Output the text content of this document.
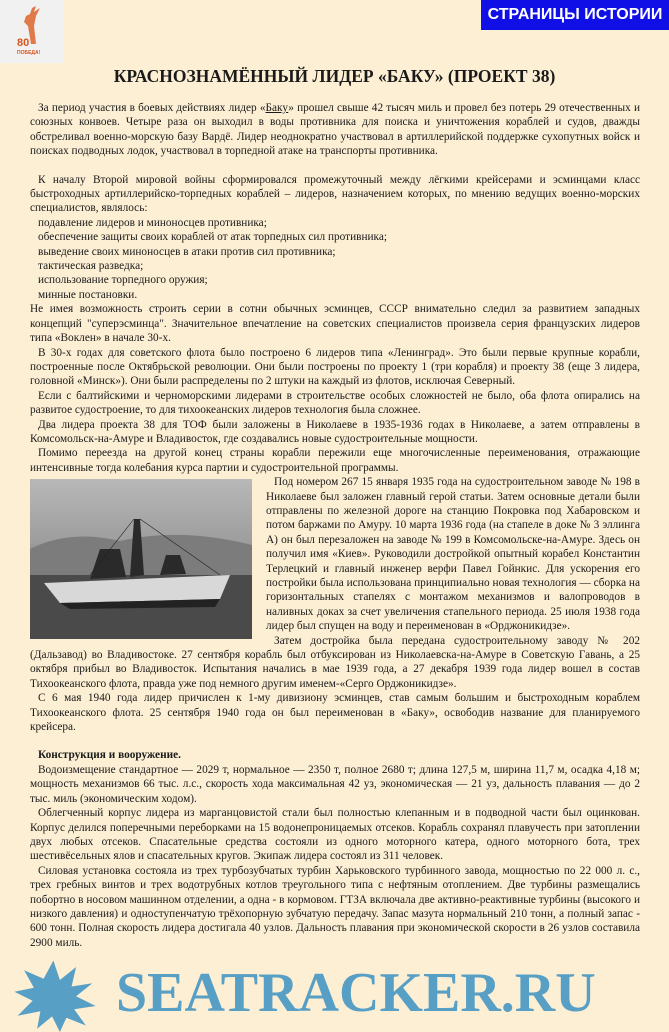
80
ПОБЕДА!
СТРАНИЦЫ ИСТОРИИ
КРАСНОЗНАМЁННЫЙ ЛИДЕР «БАКУ» (ПРОЕКТ 38)

За период участия в боевых действиях лидер «Баку» прошел свыше 42 тысяч миль и провел без потерь 29 отечественных и союзных конвоев. Четыре раза он выходил в воды противника для поиска и уничтожения кораблей и судов, дважды обстреливал военно-морскую базу Вардё. Лидер неоднократно участвовал в артиллерийской поддержке сухопутных войск и поисках подводных лодок, участвовал в торпедной атаке на транспорты противника.

К началу Второй мировой войны сформировался промежуточный между лёгкими крейсерами и эсминцами класс быстроходных артиллерийско-торпедных кораблей – лидеров, назначением которых, по мнению ведущих военно-морских специалистов, являлось:

подавление лидеров и миноносцев противника;

обеспечение защиты своих кораблей от атак торпедных сил противника;

выведение своих миноносцев в атаки против сил противника;

тактическая разведка;

использование торпедного оружия;

минные постановки.

Не имея возможность строить серии в сотни обычных эсминцев, СССР внимательно следил за развитием западных концепций "суперэсминца". Значительное впечатление на советских специалистов произвела серия французских лидеров типа «Воклен» в начале 30-х.

В 30-х годах для советского флота было построено 6 лидеров типа «Ленинград». Это были первые крупные корабли, построенные после Октябрьской революции. Они были построены по проекту 1 (три корабля) и проекту 38 (еще 3 лидера, головной «Минск»). Они были распределены по 2 штуки на каждый из флотов, исключая Северный.

Если с балтийскими и черноморскими лидерами в строительстве особых сложностей не было, оба флота опирались на развитое судостроение, то для тихоокеанских лидеров технология была сложнее.

Два лидера проекта 38 для ТОФ были заложены в Николаеве в 1935-1936 годах в Николаеве, а затем отправлены в Комсомольск-на-Амуре и Владивосток, где создавались новые судостроительные мощности.

Помимо переезда на другой конец страны корабли пережили еще многочисленные переименования, отражающие интенсивные тогда колебания курса партии и судостроительной программы.

Под номером 267 15 января 1935 года на судостроительном заводе № 198 в Николаеве был заложен главный герой статьи. Затем основные детали были отправлены по железной дороге на станцию Покровка под Хабаровском и потом баржами по Амуру. 10 марта 1936 года (на стапеле в доке № 3 эллинга А) он был перезаложен на заводе № 199 в Комсомольске-на-Амуре. Здесь он получил имя «Киев». Руководили достройкой опытный корабел Константин Терлецкий и главный инженер верфи Павел Гойнкис. Для ускорения его постройки была использована принципиально новая технология — сборка на горизонтальных стапелях с монтажом механизмов и валопроводов в наливных доках за счет увеличения стапельного периода. 25 июля 1938 года лидер был спущен на воду и переименован в «Орджоникидзе».

Затем достройка была передана судостроительному заводу № 202 (Дальзавод) во Владивостоке. 27 сентября корабль был отбуксирован из Николаевска-на-Амуре в Советскую Гавань, а 25 октября прибыл во Владивосток. Испытания начались в мае 1939 года, а 27 декабря 1939 года лидер вошел в состав Тихоокеанского флота, правда уже под немного другим именем-«Серго Орджоникидзе».

С 6 мая 1940 года лидер причислен к 1-му дивизиону эсминцев, став самым большим и быстроходным кораблем Тихоокеанского флота. 25 сентября 1940 года он был переименован в «Баку», освободив название для планируемого крейсера.

Конструкция и вооружение.

Водоизмещение стандартное — 2029 т, нормальное — 2350 т, полное 2680 т; длина 127,5 м, ширина 11,7 м, осадка 4,18 м; мощность механизмов 66 тыс. л.с., скорость хода максимальная 42 уз, экономическая — 21 уз, дальность плавания — до 2 тыс. миль (экономическим ходом).

Облегченный корпус лидера из марганцовистой стали был полностью клепанным и в подводной части был оцинкован. Корпус делился поперечными переборками на 15 водонепроницаемых отсеков. Корабль сохранял плавучесть при затоплении двух любых отсеков. Спасательные средства состояли из одного моторного катера, одного моторного бота, трех шестивёсельных ялов и спасательных кругов. Экипаж лидера состоял из 311 человек.

Силовая установка состояла из трех турбозубчатых турбин Харьковского турбинного завода, мощностью по 22 000 л. с., трех гребных винтов и трех водотрубных котлов треугольного типа с нефтяным отоплением. Две турбины размещались побортно в носовом машинном отделении, а одна - в кормовом. ГТЗА включала две активно-реактивные турбины (высокого и низкого давления) и одноступенчатую трёхопорную зубчатую передачу. Запас мазута нормальный 210 тонн, а полный запас - 600 тонн. Полная скорость лидера достигала 40 узлов. Дальность плавания при экономической скорости в 26 узлов составила 2900 миль.

SEATRACKER.RU
